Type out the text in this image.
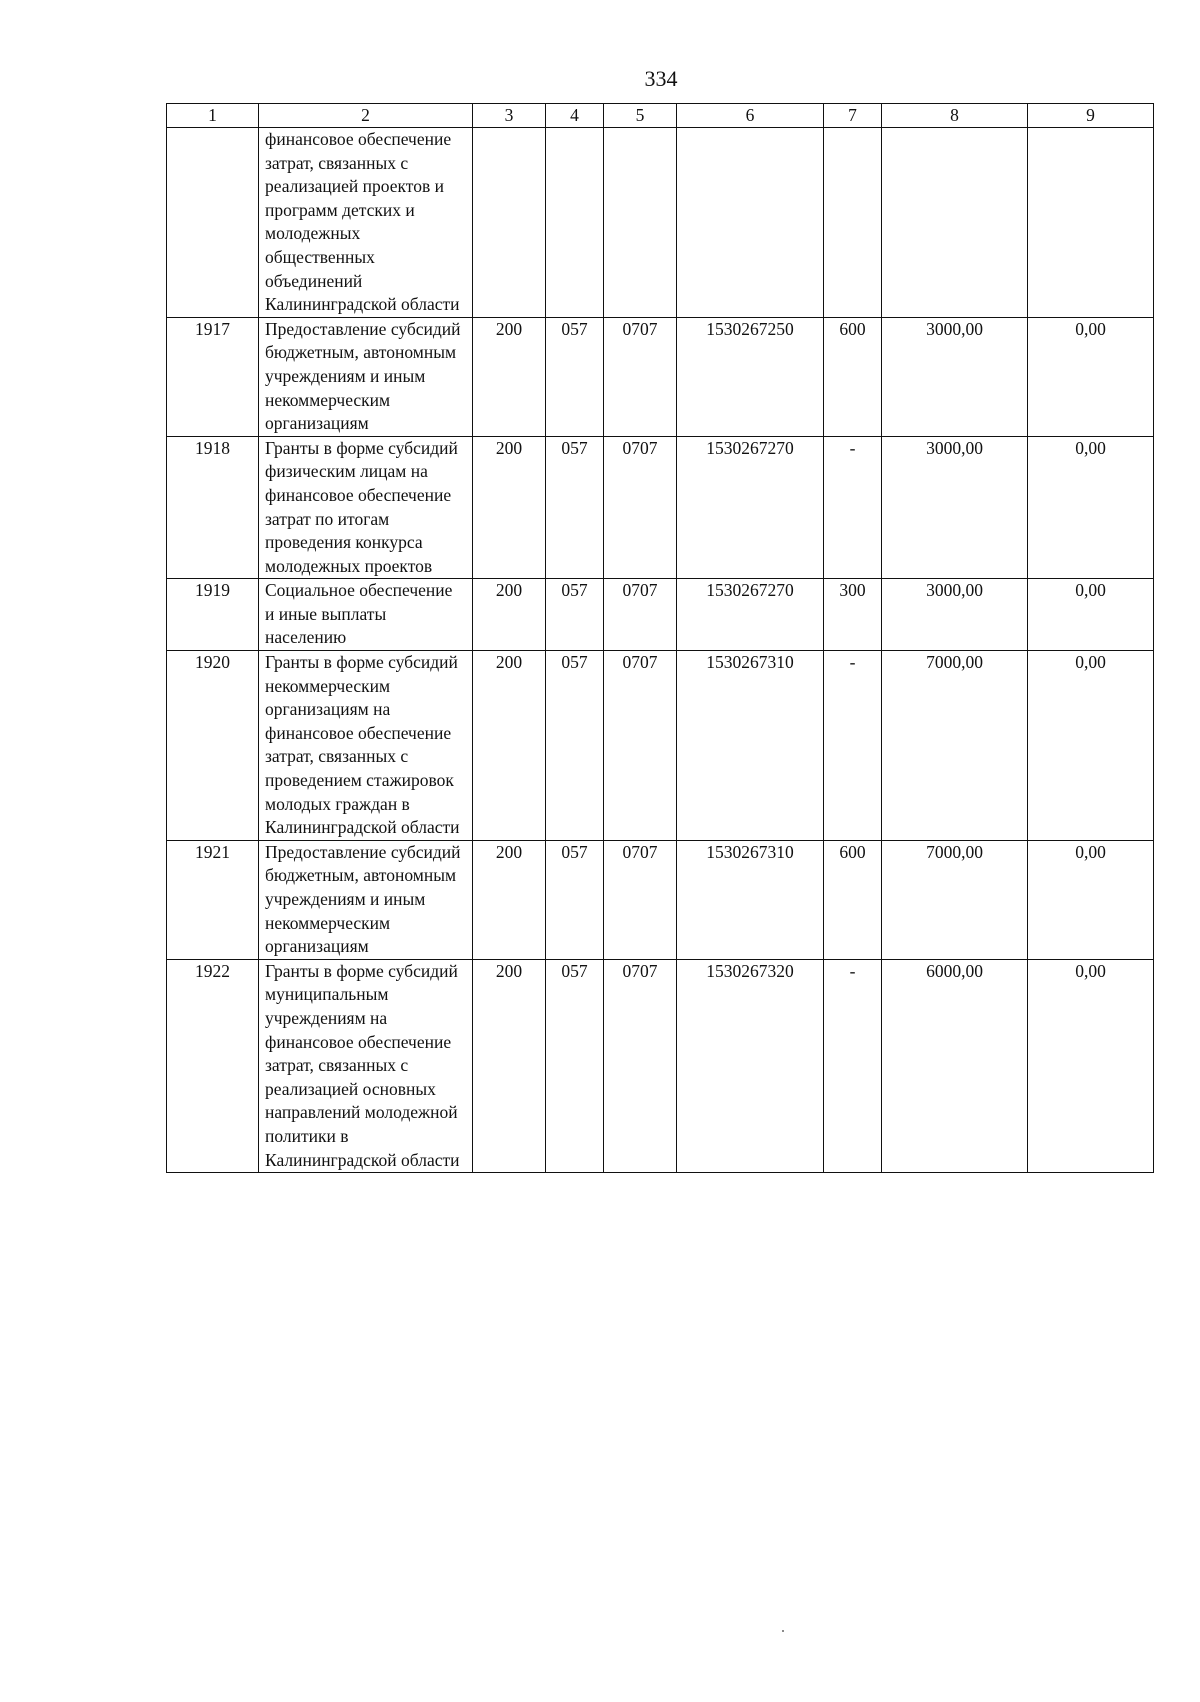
334
1	2	3	4	5	6	7	8	9
	финансовое обеспечение затрат, связанных с реализацией проектов и программ детских и молодежных общественных объединений Калининградской области							
1917	Предоставление субсидий бюджетным, автономным учреждениям и иным некоммерческим организациям	200	057	0707	1530267250	600	3000,00	0,00
1918	Гранты в форме субсидий физическим лицам на финансовое обеспечение затрат по итогам проведения конкурса молодежных проектов	200	057	0707	1530267270	-	3000,00	0,00
1919	Социальное обеспечение и иные выплаты населению	200	057	0707	1530267270	300	3000,00	0,00
1920	Гранты в форме субсидий некоммерческим организациям на финансовое обеспечение затрат, связанных с проведением стажировок молодых граждан в Калининградской области	200	057	0707	1530267310	-	7000,00	0,00
1921	Предоставление субсидий бюджетным, автономным учреждениям и иным некоммерческим организациям	200	057	0707	1530267310	600	7000,00	0,00
1922	Гранты в форме субсидий муниципальным учреждениям на финансовое обеспечение затрат, связанных с реализацией основных направлений молодежной политики в Калининградской области	200	057	0707	1530267320	-	6000,00	0,00
